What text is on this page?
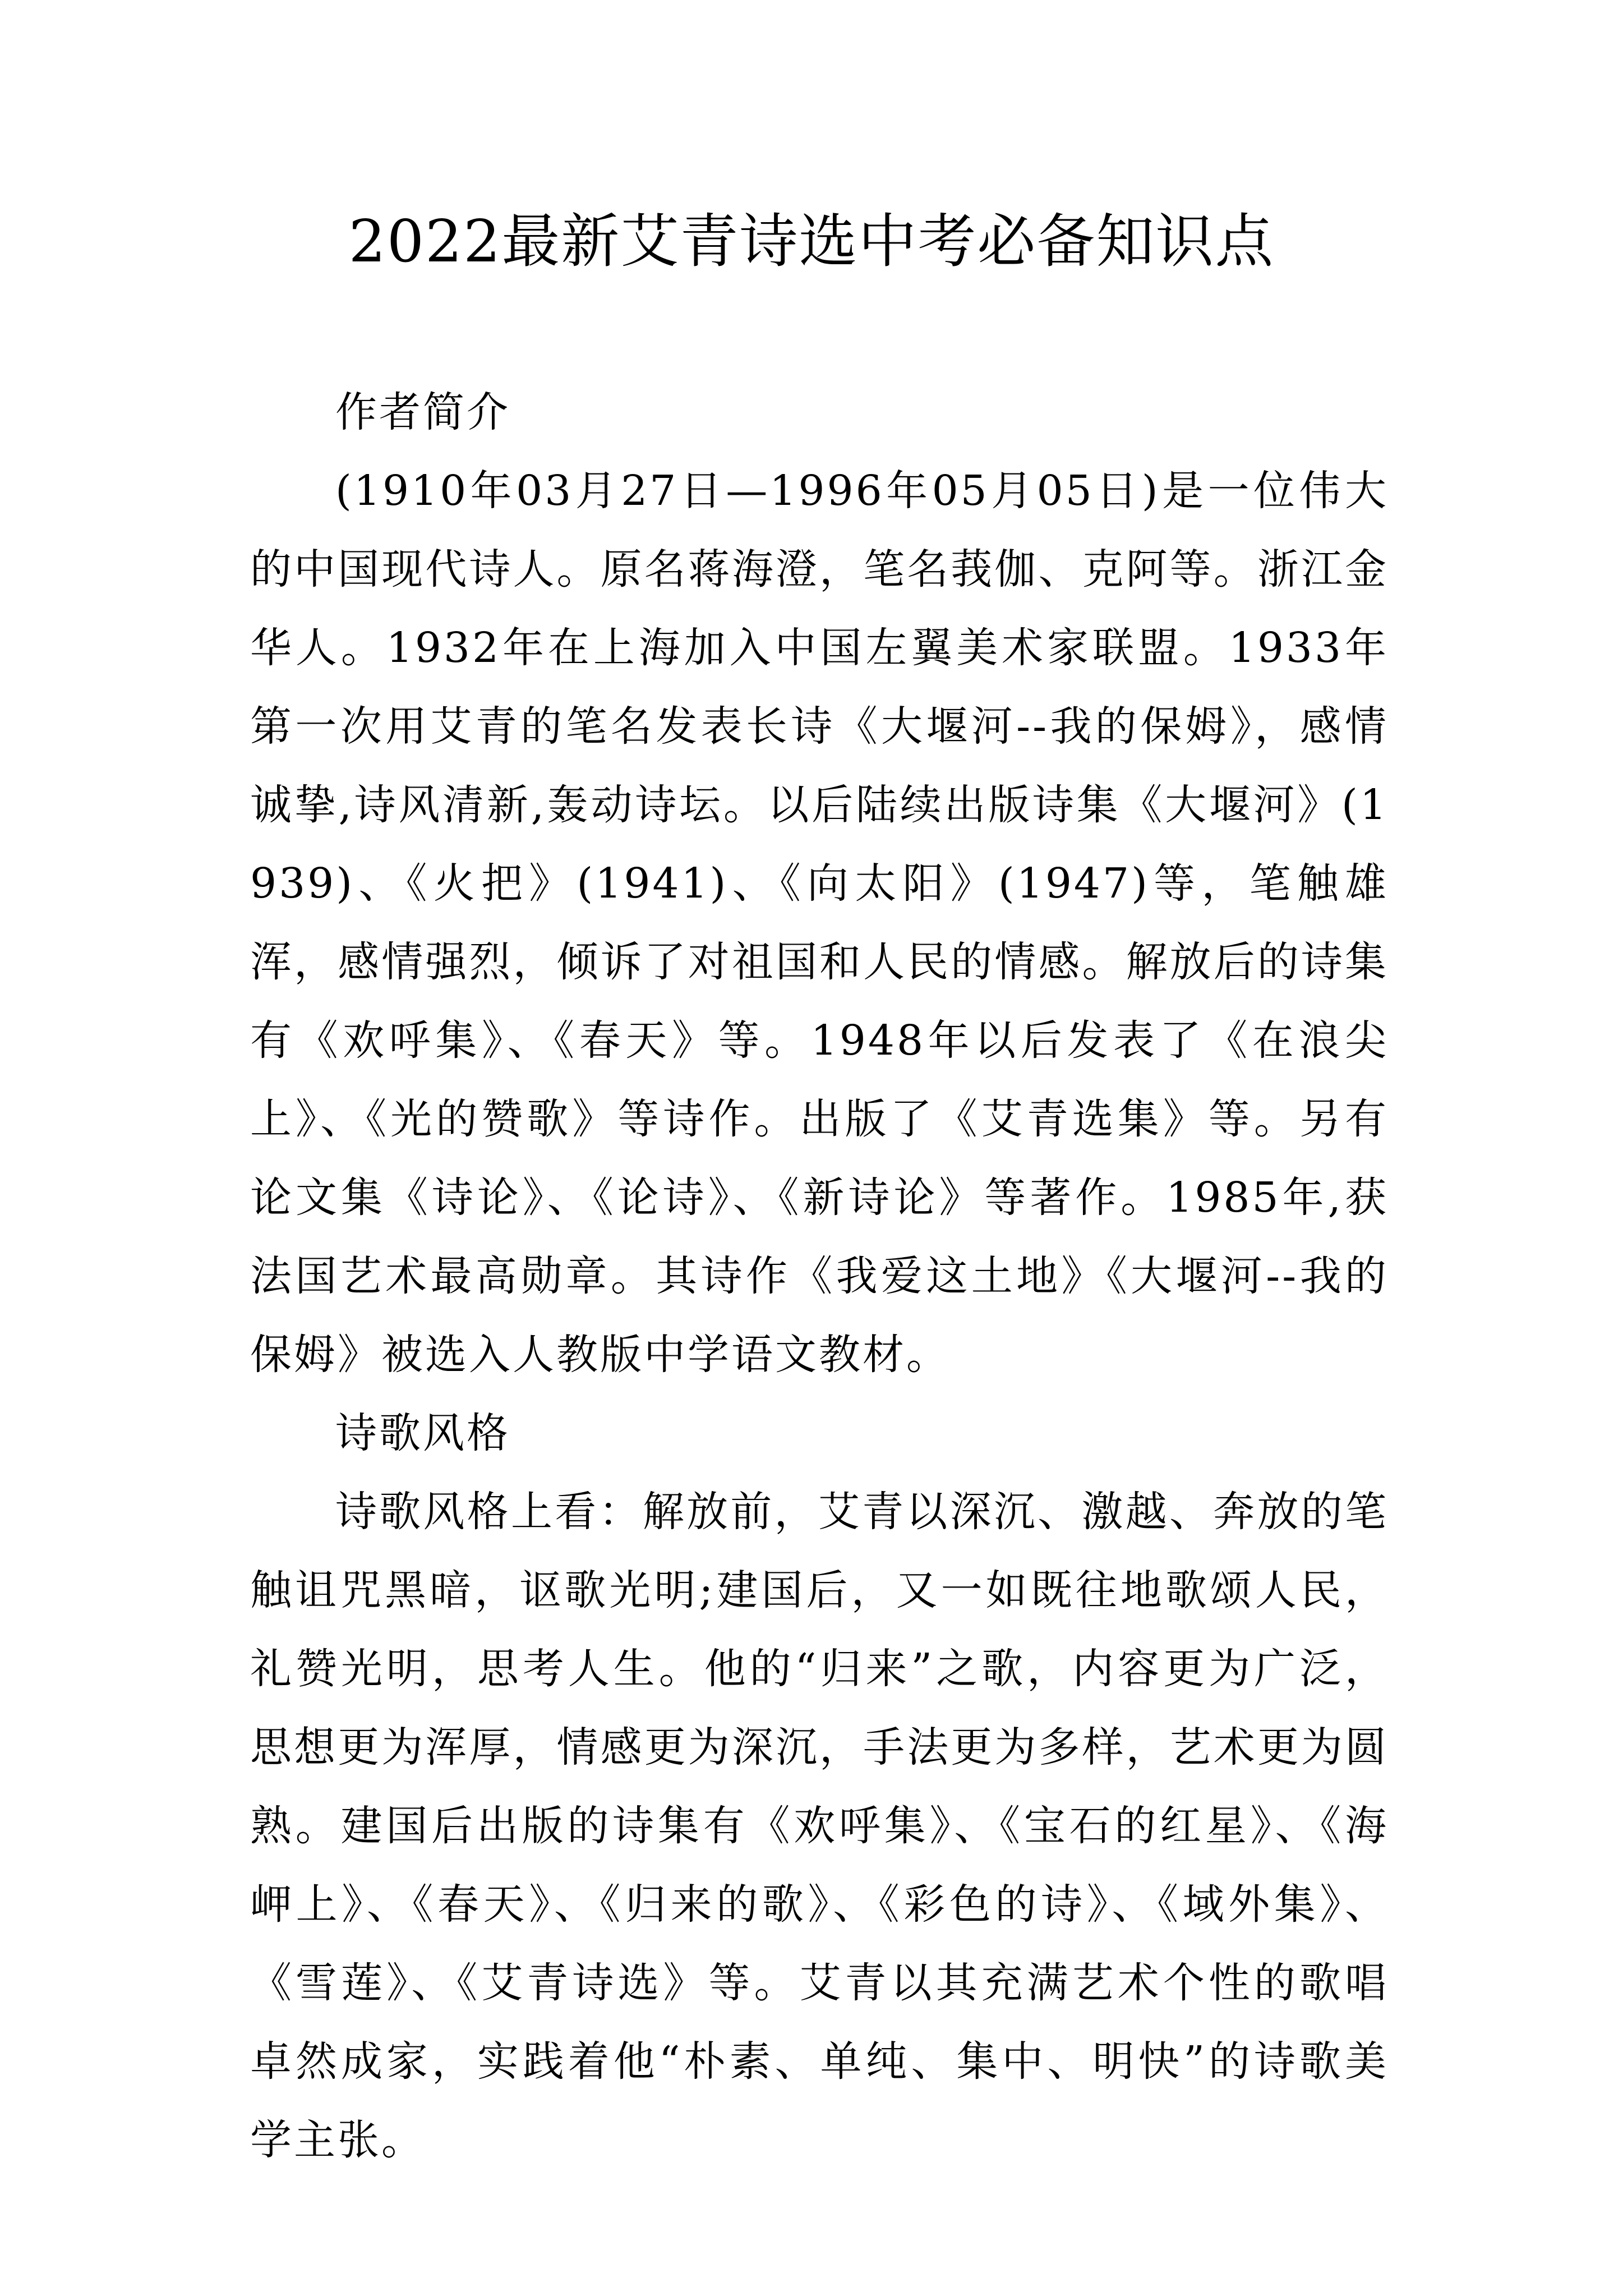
2022最新艾青诗选中考必备知识点

作者简介

(1910年03月27日—1996年05月05日)是一位伟大的中国现代诗人。原名蒋海澄，笔名莪伽、克阿等。浙江金华人。1932年在上海加入中国左翼美术家联盟。1933年第一次用艾青的笔名发表长诗《大堰河--我的保姆》，感情诚挚,诗风清新,轰动诗坛。以后陆续出版诗集《大堰河》(1939)、《火把》(1941)、《向太阳》(1947)等，笔触雄浑，感情强烈，倾诉了对祖国和人民的情感。解放后的诗集有《欢呼集》、《春天》等。1948年以后发表了《在浪尖上》、《光的赞歌》等诗作。出版了《艾青选集》等。另有论文集《诗论》、《论诗》、《新诗论》等著作。1985年,获法国艺术最高勋章。其诗作《我爱这土地》《大堰河--我的保姆》被选入人教版中学语文教材。

诗歌风格

诗歌风格上看：解放前，艾青以深沉、激越、奔放的笔触诅咒黑暗，讴歌光明;建国后，又一如既往地歌颂人民，礼赞光明，思考人生。他的“归来”之歌，内容更为广泛，思想更为浑厚，情感更为深沉，手法更为多样，艺术更为圆熟。建国后出版的诗集有《欢呼集》、《宝石的红星》、《海岬上》、《春天》、《归来的歌》、《彩色的诗》、《域外集》、《雪莲》、《艾青诗选》等。艾青以其充满艺术个性的歌唱卓然成家，实践着他“朴素、单纯、集中、明快”的诗歌美学主张。
